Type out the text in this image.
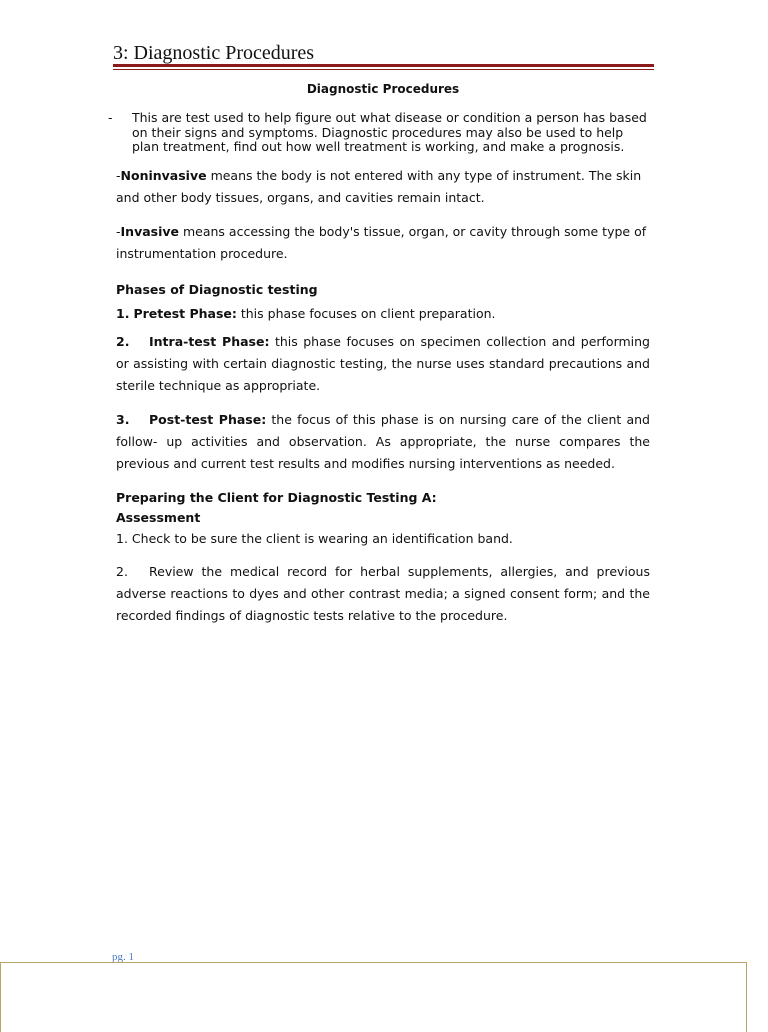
3: Diagnostic Procedures
Diagnostic Procedures
- This are test used to help figure out what disease or condition a person has based on their signs and symptoms. Diagnostic procedures may also be used to help plan treatment, find out how well treatment is working, and make a prognosis.

-Noninvasive means the body is not entered with any type of instrument. The skin and other body tissues, organs, and cavities remain intact.

-Invasive means accessing the body's tissue, organ, or cavity through some type of instrumentation procedure.

Phases of Diagnostic testing

1. Pretest Phase: this phase focuses on client preparation.

2. Intra-test Phase: this phase focuses on specimen collection and performing or assisting with certain diagnostic testing, the nurse uses standard precautions and sterile technique as appropriate.

3. Post-test Phase: the focus of this phase is on nursing care of the client and follow- up activities and observation. As appropriate, the nurse compares the previous and current test results and modifies nursing interventions as needed.

Preparing the Client for Diagnostic Testing A:

Assessment

1. Check to be sure the client is wearing an identification band.

2. Review the medical record for herbal supplements, allergies, and previous adverse reactions to dyes and other contrast media; a signed consent form; and the recorded findings of diagnostic tests relative to the procedure.

pg. 1
